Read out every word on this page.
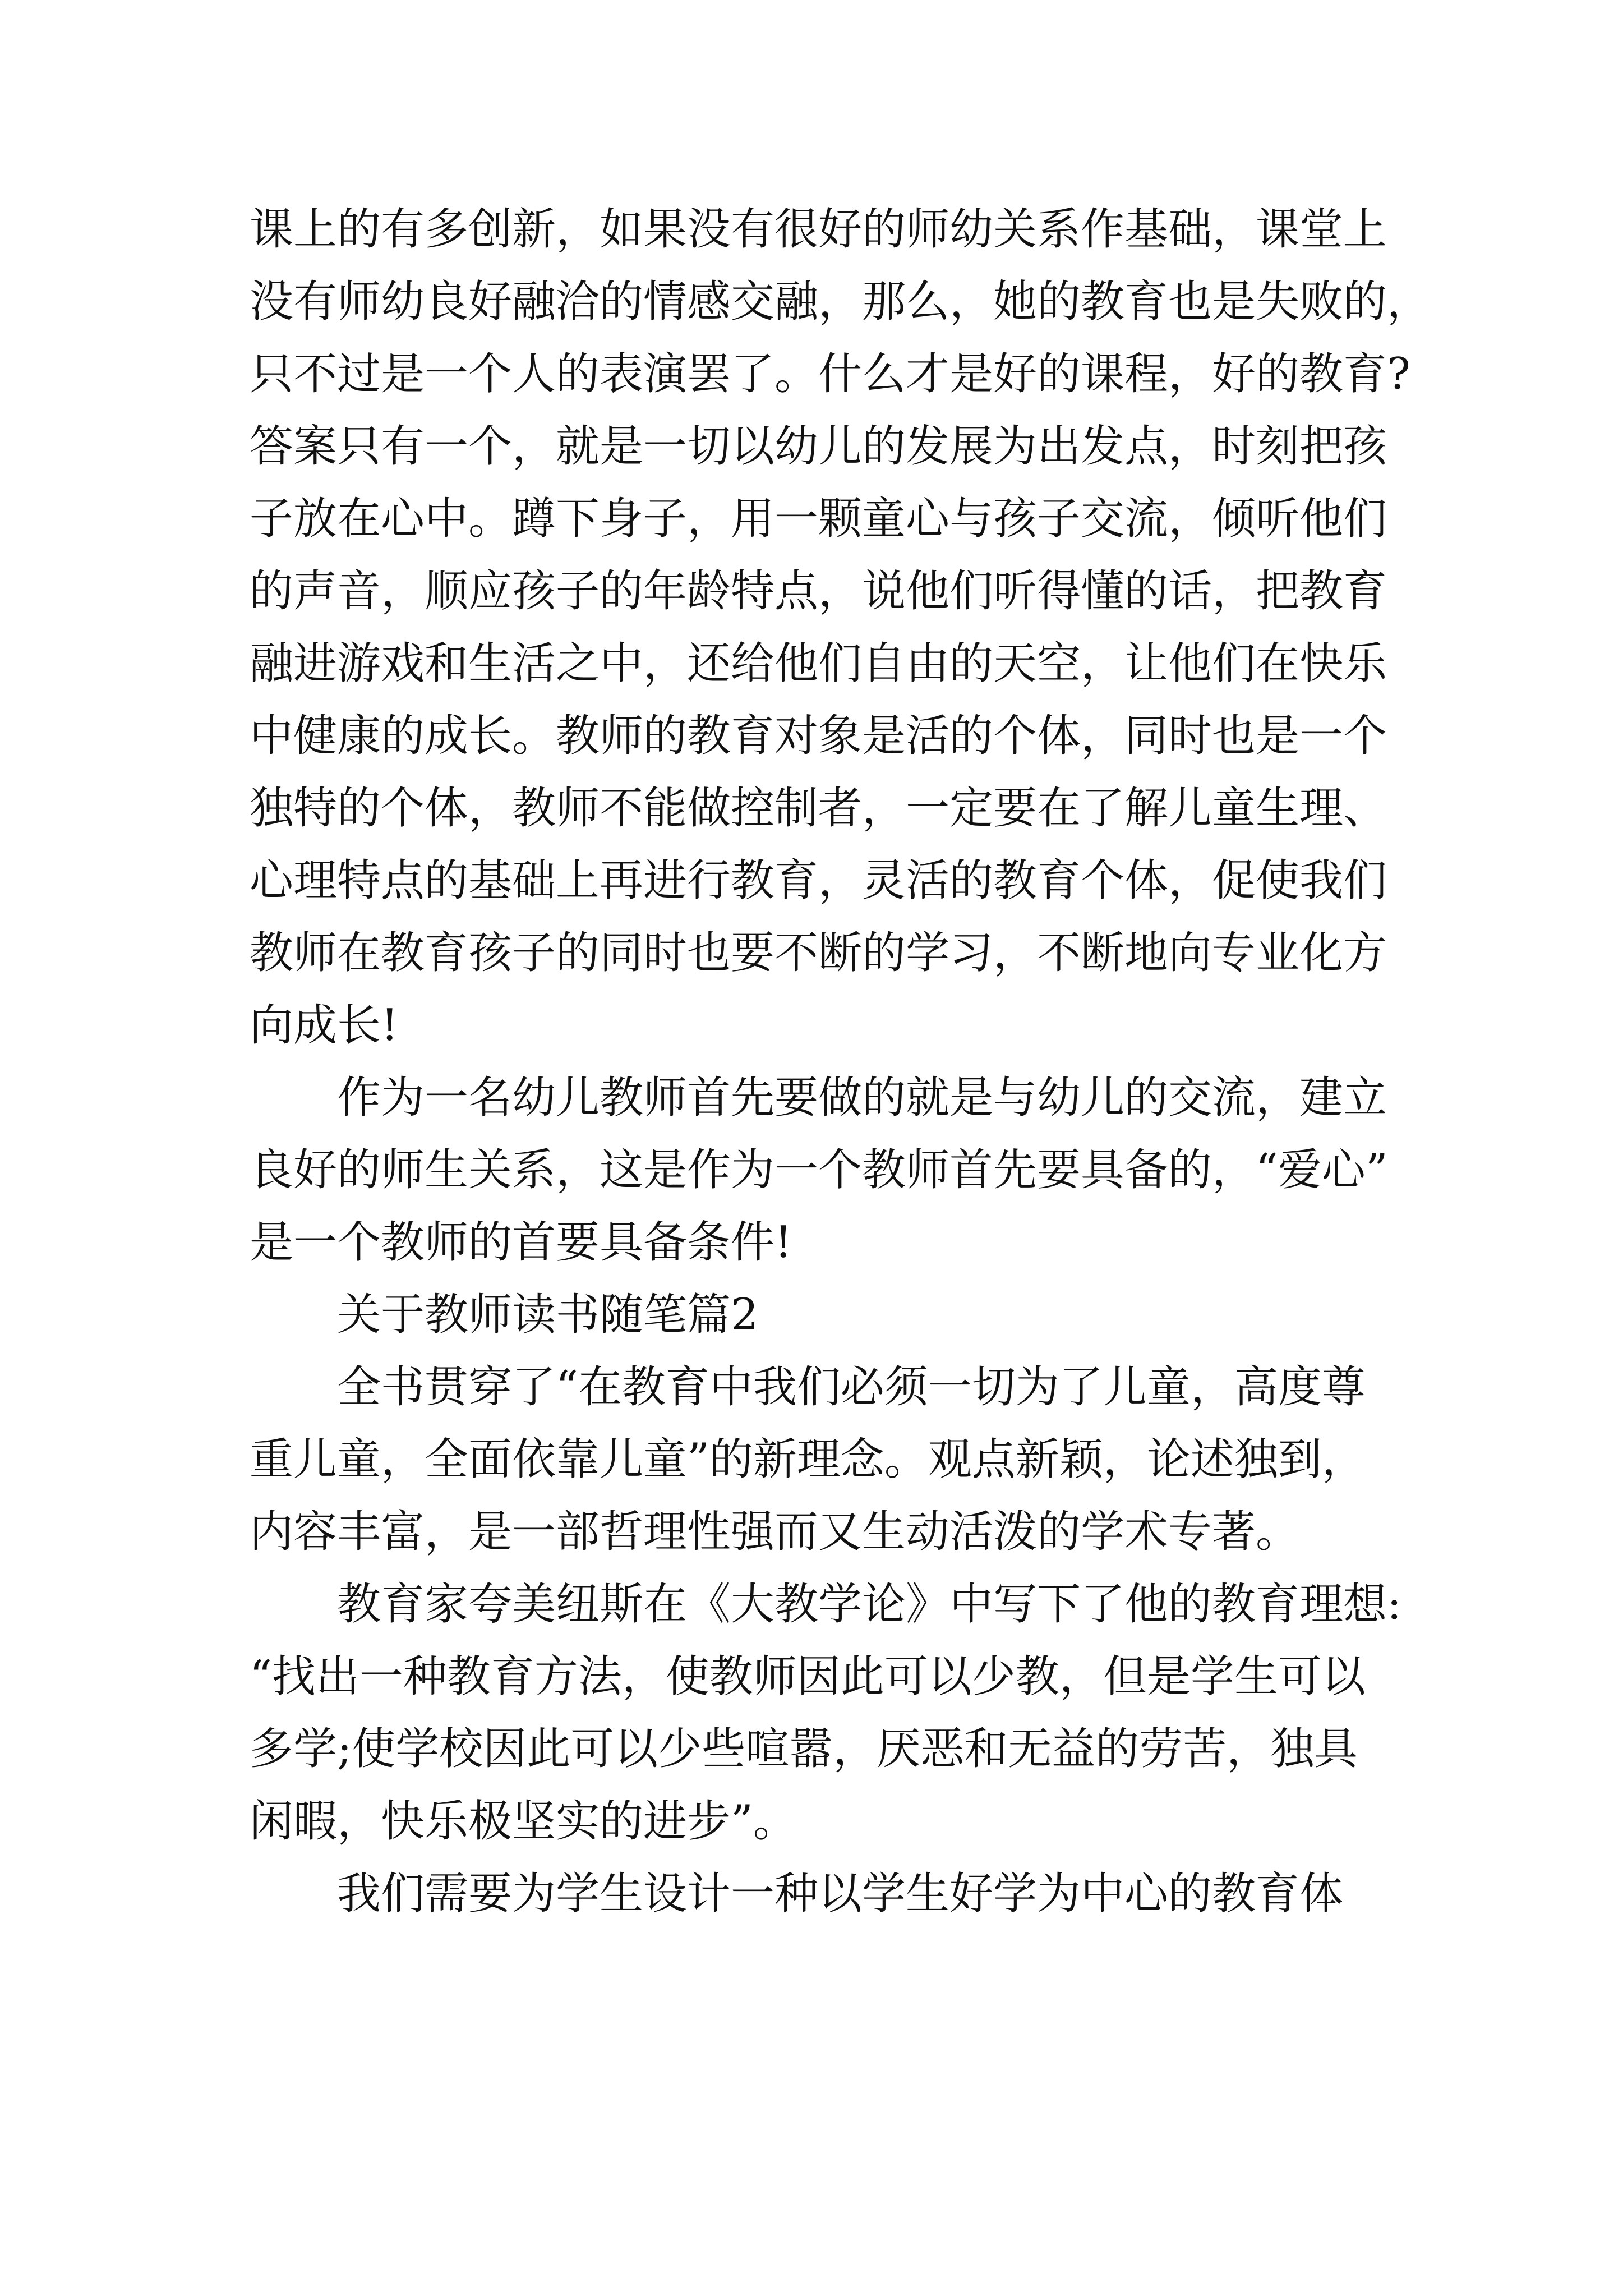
课上的有多创新，如果没有很好的师幼关系作基础，课堂上
没有师幼良好融洽的情感交融，那么，她的教育也是失败的，
只不过是一个人的表演罢了。什么才是好的课程，好的教育?
答案只有一个，就是一切以幼儿的发展为出发点，时刻把孩
子放在心中。蹲下身子，用一颗童心与孩子交流，倾听他们
的声音，顺应孩子的年龄特点，说他们听得懂的话，把教育
融进游戏和生活之中，还给他们自由的天空，让他们在快乐
中健康的成长。教师的教育对象是活的个体，同时也是一个
独特的个体，教师不能做控制者，一定要在了解儿童生理、
心理特点的基础上再进行教育，灵活的教育个体，促使我们
教师在教育孩子的同时也要不断的学习，不断地向专业化方
向成长!
作为一名幼儿教师首先要做的就是与幼儿的交流，建立
良好的师生关系，这是作为一个教师首先要具备的，“爱心”
是一个教师的首要具备条件!
关于教师读书随笔篇2
全书贯穿了“在教育中我们必须一切为了儿童，高度尊
重儿童，全面依靠儿童”的新理念。观点新颖，论述独到，
内容丰富，是一部哲理性强而又生动活泼的学术专著。
教育家夸美纽斯在《大教学论》中写下了他的教育理想:
“找出一种教育方法，使教师因此可以少教，但是学生可以
多学;使学校因此可以少些喧嚣，厌恶和无益的劳苦，独具
闲暇，快乐极坚实的进步”。
我们需要为学生设计一种以学生好学为中心的教育体
